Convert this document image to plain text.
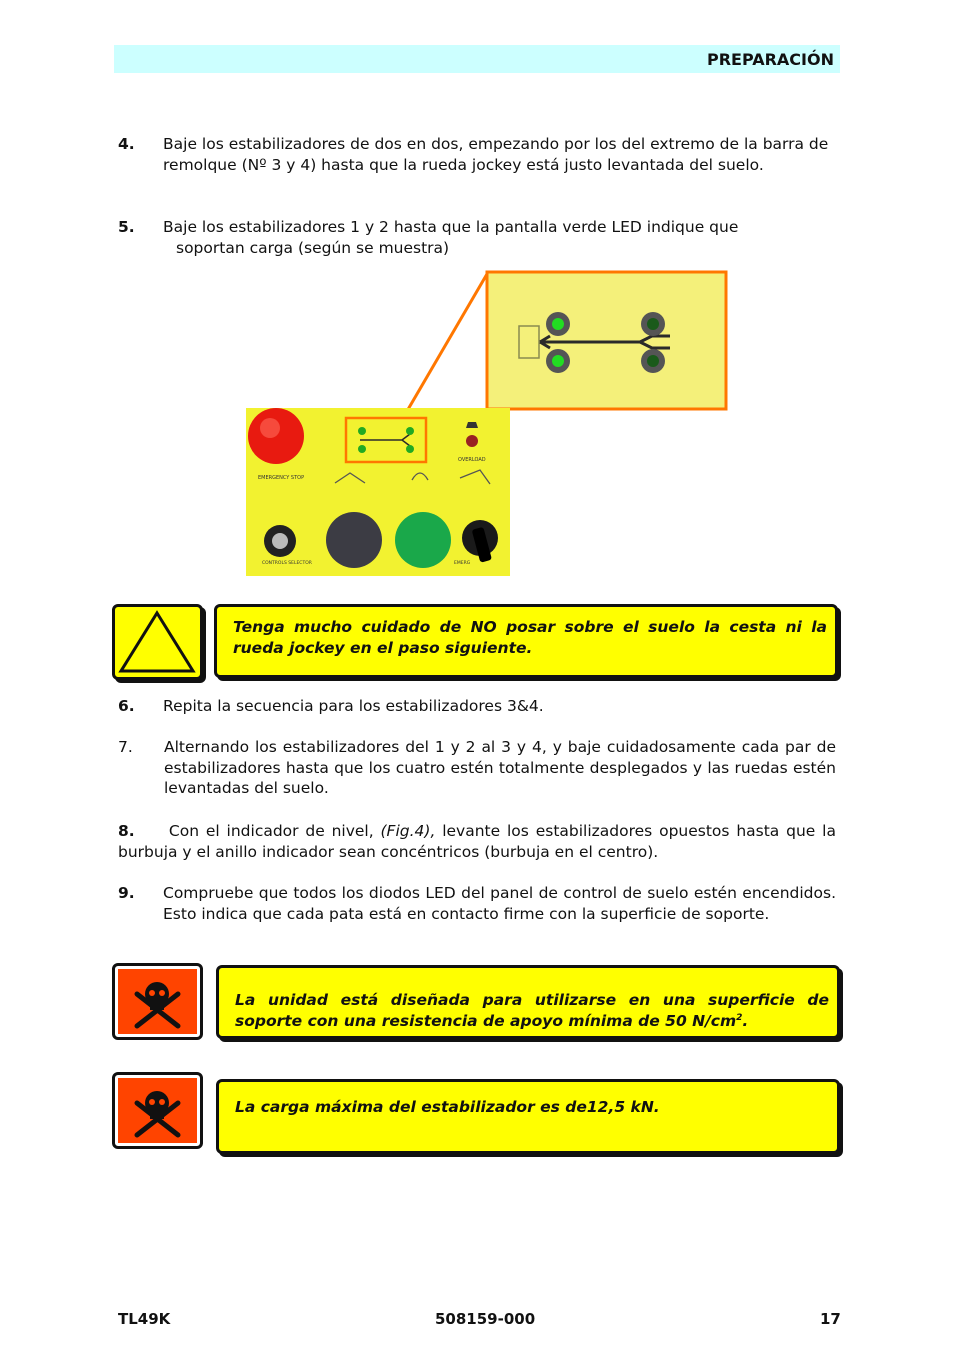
PREPARACIÓN
4. Baje los estabilizadores de dos en dos, empezando por los del extremo de la barra de remolque (Nº 3 y 4) hasta que la rueda jockey está justo levantada del suelo.
5. Baje los estabilizadores 1 y 2 hasta que la pantalla verde LED indique que
soportan carga (según se muestra)
EMERGENCY STOP
OVERLOAD
CONTROLS SELECTOR	EMERG
Tenga mucho cuidado de NO posar sobre el suelo la cesta ni la rueda jockey en el paso siguiente.
6. Repita la secuencia para los estabilizadores 3&4.
7. Alternando los estabilizadores del 1 y 2 al 3 y 4, y baje cuidadosamente cada par de estabilizadores hasta que los cuatro estén totalmente desplegados y las ruedas estén levantadas del suelo.
8. Con el indicador de nivel, (Fig.4), levante los estabilizadores opuestos hasta que la burbuja y el anillo indicador sean concéntricos (burbuja en el centro).
9. Compruebe que todos los diodos LED del panel de control de suelo estén encendidos. Esto indica que cada pata está en contacto firme con la superficie de soporte.
La unidad está diseñada para utilizarse en una superficie de soporte con una resistencia de apoyo mínima de 50 $N/cm^2$.
La carga máxima del estabilizador es de12,5 kN.
TL49K	508159-000	17
